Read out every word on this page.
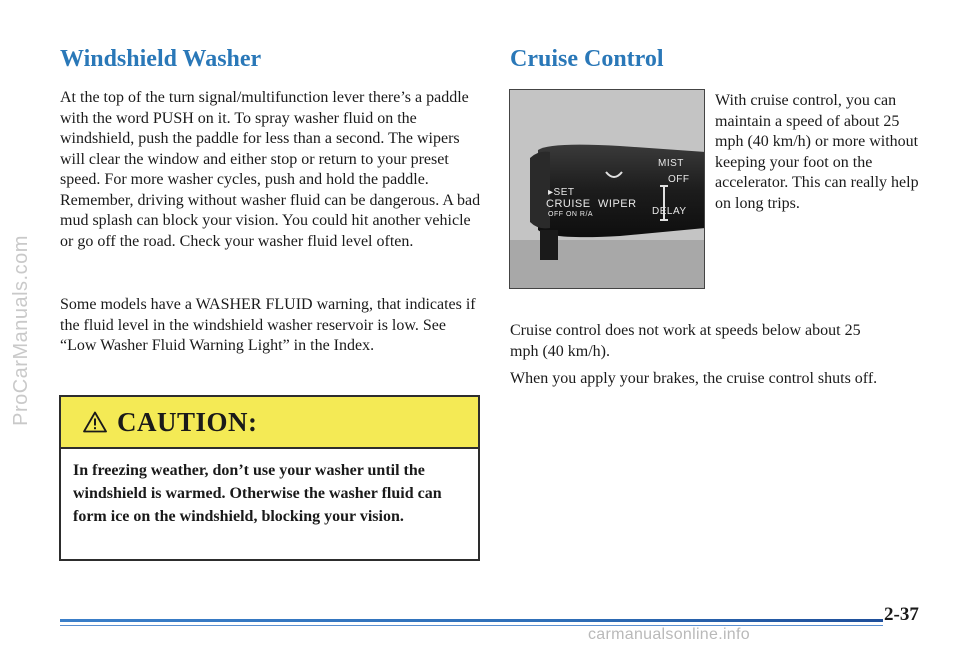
ProCarManuals.com
Windshield Washer

At the top of the turn signal/multifunction lever there’s a paddle with the word PUSH on it. To spray washer fluid on the windshield, push the paddle for less than a second. The wipers will clear the window and either stop or return to your preset speed. For more washer cycles, push and hold the paddle. Remember, driving without washer fluid can be dangerous. A bad mud splash can block your vision. You could hit another vehicle or go off the road. Check your washer fluid level often.

Some models have a WASHER FLUID warning, that indicates if the fluid level in the windshield washer reservoir is low. See “Low Washer Fluid Warning Light” in the Index.

CAUTION:

In freezing weather, don’t use your washer until the windshield is warmed. Otherwise the washer fluid can form ice on the windshield, blocking your vision.

Cruise Control
▸SET
CRUISE
OFF ON R/A
WIPER
MIST
OFF
DELAY

With cruise control, you can maintain a speed of about 25 mph (40 km/h) or more without keeping your foot on the accelerator. This can really help on long trips.

Cruise control does not work at speeds below about 25 mph (40 km/h).

When you apply your brakes, the cruise control shuts off.

2-37
carmanualsonline.info
